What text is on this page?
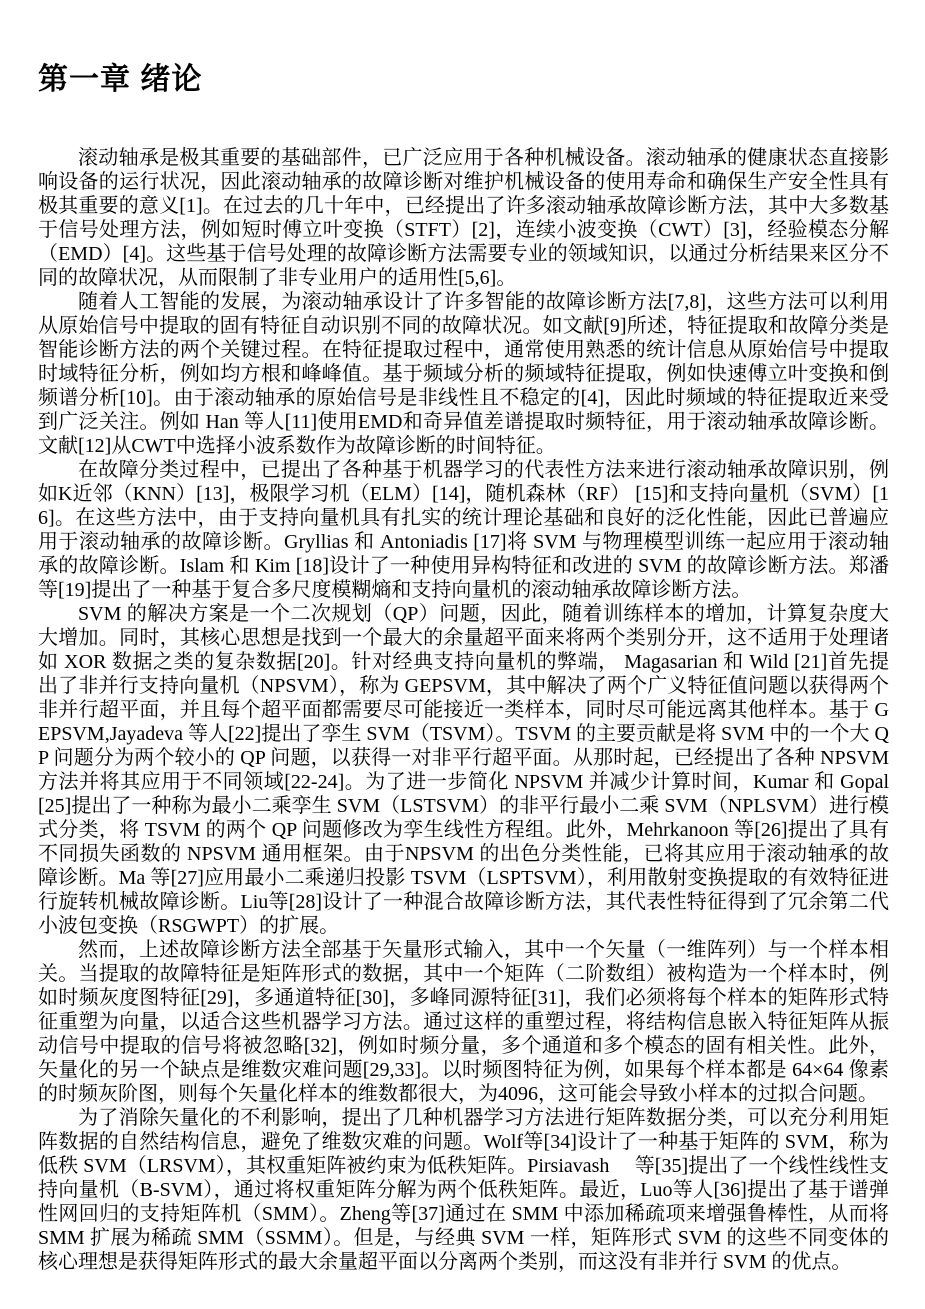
第一章 绪论

滚动轴承是极其重要的基础部件，已广泛应用于各种机械设备。滚动轴承的健康状态直接影响设备的运行状况，因此滚动轴承的故障诊断对维护机械设备的使用寿命和确保生产安全性具有极其重要的意义[1]。在过去的几十年中，已经提出了许多滚动轴承故障诊断方法，其中大多数基于信号处理方法，例如短时傅立叶变换（STFT）[2]，连续小波变换（CWT）[3]，经验模态分解（EMD）[4]。这些基于信号处理的故障诊断方法需要专业的领域知识，以通过分析结果来区分不同的故障状况，从而限制了非专业用户的适用性[5,6]。

随着人工智能的发展，为滚动轴承设计了许多智能的故障诊断方法[7,8]，这些方法可以利用从原始信号中提取的固有特征自动识别不同的故障状况。如文献[9]所述，特征提取和故障分类是智能诊断方法的两个关键过程。在特征提取过程中，通常使用熟悉的统计信息从原始信号中提取时域特征分析，例如均方根和峰峰值。基于频域分析的频域特征提取，例如快速傅立叶变换和倒频谱分析[10]。由于滚动轴承的原始信号是非线性且不稳定的[4]，因此时频域的特征提取近来受到广泛关注。例如 Han 等人[11]使用EMD和奇异值差谱提取时频特征，用于滚动轴承故障诊断。文献[12]从CWT中选择小波系数作为故障诊断的时间特征。

在故障分类过程中，已提出了各种基于机器学习的代表性方法来进行滚动轴承故障识别，例如K近邻（KNN）[13]，极限学习机（ELM）[14]，随机森林（RF） [15]和支持向量机（SVM）[16]。在这些方法中，由于支持向量机具有扎实的统计理论基础和良好的泛化性能，因此已普遍应用于滚动轴承的故障诊断。Gryllias 和 Antoniadis [17]将 SVM 与物理模型训练一起应用于滚动轴承的故障诊断。Islam 和 Kim [18]设计了一种使用异构特征和改进的 SVM 的故障诊断方法。郑潘等[19]提出了一种基于复合多尺度模糊熵和支持向量机的滚动轴承故障诊断方法。

SVM 的解决方案是一个二次规划（QP）问题，因此，随着训练样本的增加，计算复杂度大大增加。同时，其核心思想是找到一个最大的余量超平面来将两个类别分开，这不适用于处理诸如 XOR 数据之类的复杂数据[20]。针对经典支持向量机的弊端， Magasarian 和 Wild [21]首先提出了非并行支持向量机（NPSVM），称为 GEPSVM，其中解决了两个广义特征值问题以获得两个非并行超平面，并且每个超平面都需要尽可能接近一类样本，同时尽可能远离其他样本。基于 GEPSVM,Jayadeva 等人[22]提出了孪生 SVM（TSVM）。TSVM 的主要贡献是将 SVM 中的一个大 QP 问题分为两个较小的 QP 问题，以获得一对非平行超平面。从那时起，已经提出了各种 NPSVM 方法并将其应用于不同领域[22-24]。为了进一步简化 NPSVM 并减少计算时间，Kumar 和 Gopal [25]提出了一种称为最小二乘孪生 SVM（LSTSVM）的非平行最小二乘 SVM（NPLSVM）进行模式分类，将 TSVM 的两个 QP 问题修改为孪生线性方程组。此外，Mehrkanoon 等[26]提出了具有不同损失函数的 NPSVM 通用框架。由于NPSVM 的出色分类性能，已将其应用于滚动轴承的故障诊断。Ma 等[27]应用最小二乘递归投影 TSVM（LSPTSVM），利用散射变换提取的有效特征进行旋转机械故障诊断。Liu等[28]设计了一种混合故障诊断方法，其代表性特征得到了冗余第二代小波包变换（RSGWPT）的扩展。

然而，上述故障诊断方法全部基于矢量形式输入，其中一个矢量（一维阵列）与一个样本相关。当提取的故障特征是矩阵形式的数据，其中一个矩阵（二阶数组）被构造为一个样本时，例如时频灰度图特征[29]，多通道特征[30]，多峰同源特征[31]，我们必须将每个样本的矩阵形式特征重塑为向量，以适合这些机器学习方法。通过这样的重塑过程，将结构信息嵌入特征矩阵从振动信号中提取的信号将被忽略[32]，例如时频分量，多个通道和多个模态的固有相关性。此外，矢量化的另一个缺点是维数灾难问题[29,33]。以时频图特征为例，如果每个样本都是 64×64 像素的时频灰阶图，则每个矢量化样本的维数都很大，为4096，这可能会导致小样本的过拟合问题。

为了消除矢量化的不利影响，提出了几种机器学习方法进行矩阵数据分类，可以充分利用矩阵数据的自然结构信息，避免了维数灾难的问题。Wolf等[34]设计了一种基于矩阵的 SVM，称为低秩 SVM（LRSVM），其权重矩阵被约束为低秩矩阵。Pirsiavash　 等[35]提出了一个线性线性支持向量机（B-SVM），通过将权重矩阵分解为两个低秩矩阵。最近，Luo等人[36]提出了基于谱弹性网回归的支持矩阵机（SMM）。Zheng等[37]通过在 SMM 中添加稀疏项来增强鲁棒性，从而将 SMM 扩展为稀疏 SMM（SSMM）。但是，与经典 SVM 一样，矩阵形式 SVM 的这些不同变体的核心理想是获得矩阵形式的最大余量超平面以分离两个类别，而这没有非并行 SVM 的优点。
